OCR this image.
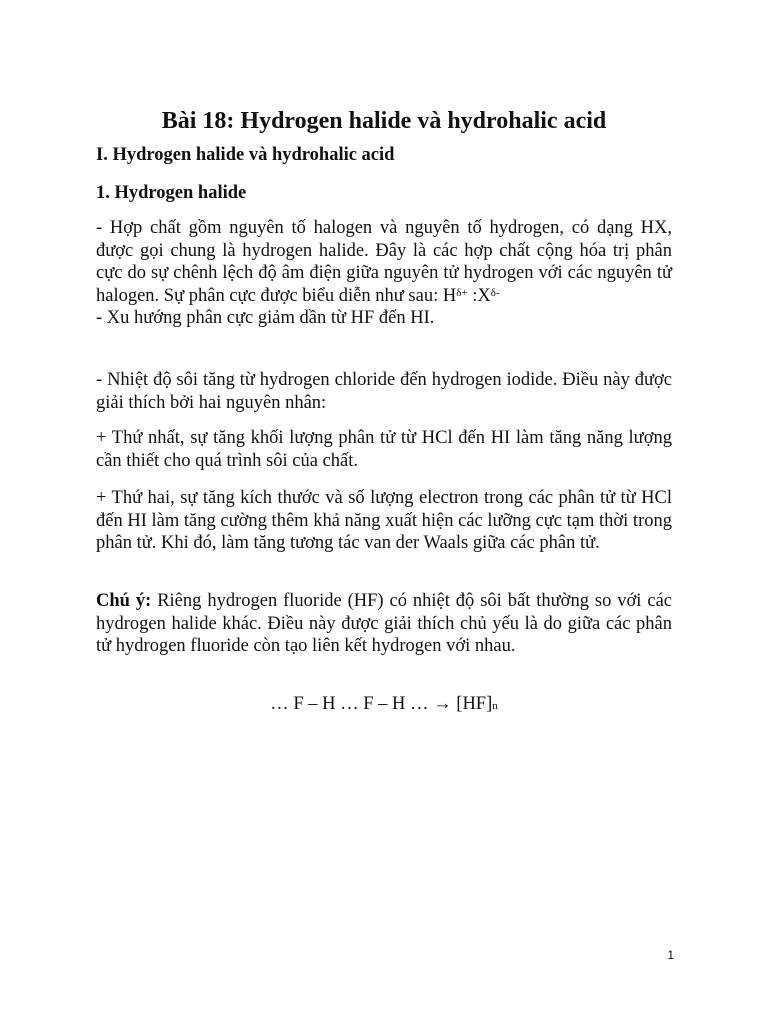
Bài 18: Hydrogen halide và hydrohalic acid

I. Hydrogen halide và hydrohalic acid

1. Hydrogen halide

- Hợp chất gồm nguyên tố halogen và nguyên tố hydrogen, có dạng HX, được gọi chung là hydrogen halide. Đây là các hợp chất cộng hóa trị phân cực do sự chênh lệch độ âm điện giữa nguyên tử hydrogen với các nguyên tử halogen. Sự phân cực được biểu diễn như sau: $H^{\delta+}$ $:X^{\delta-}$
- Xu hướng phân cực giảm dần từ HF đến HI.

- Nhiệt độ sôi tăng từ hydrogen chloride đến hydrogen iodide. Điều này được giải thích bởi hai nguyên nhân:

+ Thứ nhất, sự tăng khối lượng phân tử từ HCl đến HI làm tăng năng lượng cần thiết cho quá trình sôi của chất.

+ Thứ hai, sự tăng kích thước và số lượng electron trong các phân tử từ HCl đến HI làm tăng cường thêm khả năng xuất hiện các lưỡng cực tạm thời trong phân tử. Khi đó, làm tăng tương tác van der Waals giữa các phân tử.

Chú ý: Riêng hydrogen fluoride (HF) có nhiệt độ sôi bất thường so với các hydrogen halide khác. Điều này được giải thích chủ yếu là do giữa các phân tử hydrogen fluoride còn tạo liên kết hydrogen với nhau.

… F – H … F – H … → $[HF]_n$

1
